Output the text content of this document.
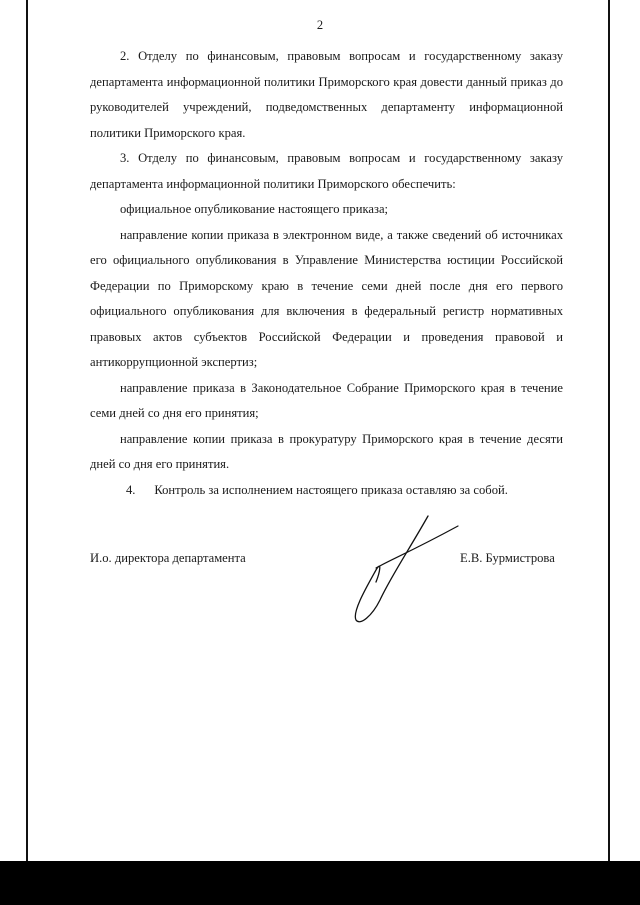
2

2. Отделу по финансовым, правовым вопросам и государственному заказу департамента информационной политики Приморского края довести данный приказ до руководителей учреждений, подведомственных департаменту информационной политики Приморского края.

3. Отделу по финансовым, правовым вопросам и государственному заказу департамента информационной политики Приморского обеспечить:

официальное опубликование настоящего приказа;

направление копии приказа в электронном виде, а также сведений об источниках его официального опубликования в Управление Министерства юстиции Российской Федерации по Приморскому краю в течение семи дней после дня его первого официального опубликования для включения в федеральный регистр нормативных правовых актов субъектов Российской Федерации и проведения правовой и антикоррупционной экспертиз;

направление приказа в Законодательное Собрание Приморского края в течение семи дней со дня его принятия;

направление копии приказа в прокуратуру Приморского края в течение десяти дней со дня его принятия.

4. Контроль за исполнением настоящего приказа оставляю за собой.

И.о. директора департамента	Е.В. Бурмистрова
